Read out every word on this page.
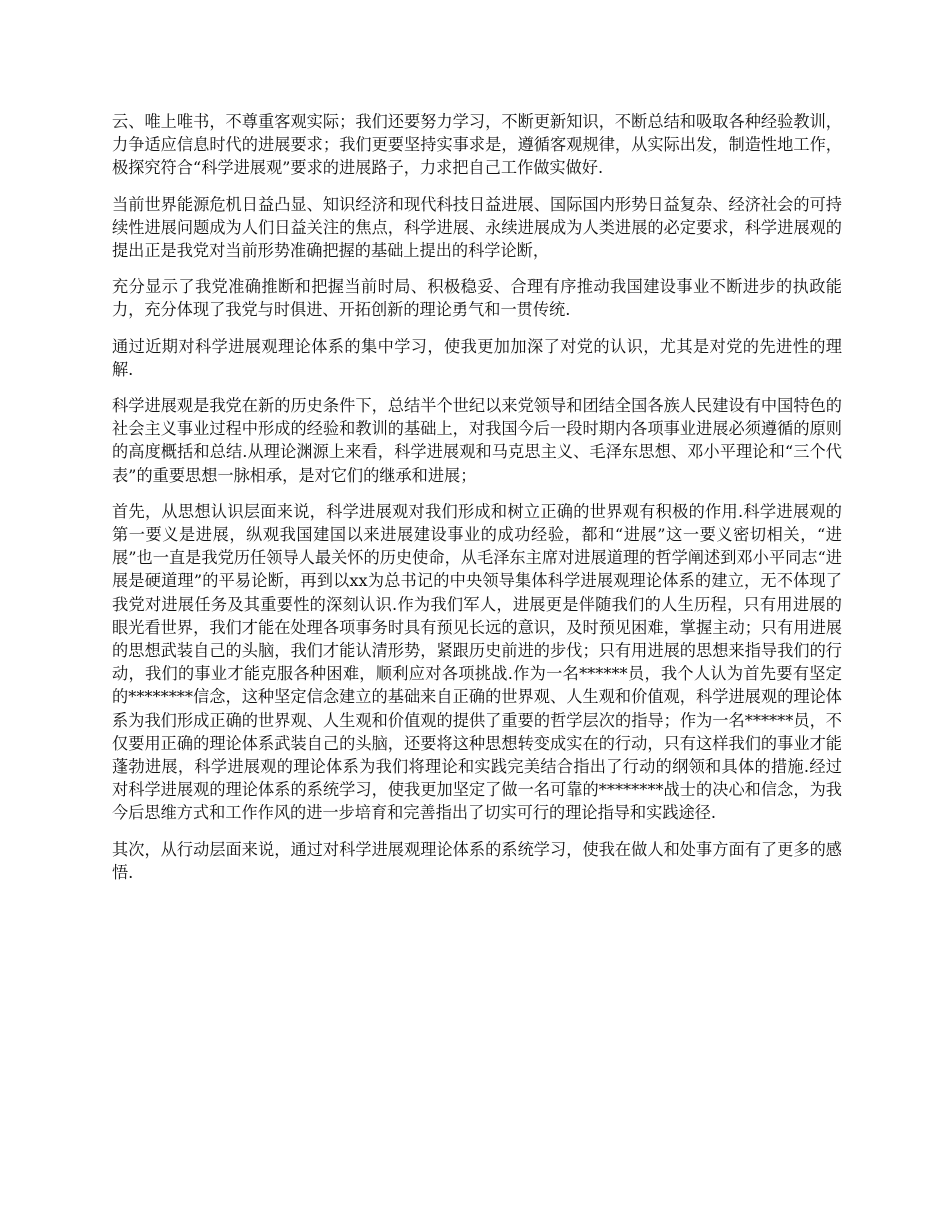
云、唯上唯书，不尊重客观实际；我们还要努力学习，不断更新知识，不断总结和吸取各种经验教训，力争适应信息时代的进展要求；我们更要坚持实事求是，遵循客观规律，从实际出发，制造性地工作，极探究符合“科学进展观”要求的进展路子，力求把自己工作做实做好.

当前世界能源危机日益凸显、知识经济和现代科技日益进展、国际国内形势日益复杂、经济社会的可持续性进展问题成为人们日益关注的焦点，科学进展、永续进展成为人类进展的必定要求，科学进展观的提出正是我党对当前形势准确把握的基础上提出的科学论断，

充分显示了我党准确推断和把握当前时局、积极稳妥、合理有序推动我国建设事业不断进步的执政能力，充分体现了我党与时俱进、开拓创新的理论勇气和一贯传统.

通过近期对科学进展观理论体系的集中学习，使我更加加深了对党的认识，尤其是对党的先进性的理解.

科学进展观是我党在新的历史条件下，总结半个世纪以来党领导和团结全国各族人民建设有中国特色的社会主义事业过程中形成的经验和教训的基础上，对我国今后一段时期内各项事业进展必须遵循的原则的高度概括和总结.从理论渊源上来看，科学进展观和马克思主义、毛泽东思想、邓小平理论和“三个代表”的重要思想一脉相承，是对它们的继承和进展；

首先，从思想认识层面来说，科学进展观对我们形成和树立正确的世界观有积极的作用.科学进展观的第一要义是进展，纵观我国建国以来进展建设事业的成功经验，都和“进展”这一要义密切相关，“进展”也一直是我党历任领导人最关怀的历史使命，从毛泽东主席对进展道理的哲学阐述到邓小平同志“进展是硬道理”的平易论断，再到以xx为总书记的中央领导集体科学进展观理论体系的建立，无不体现了我党对进展任务及其重要性的深刻认识.作为我们军人，进展更是伴随我们的人生历程，只有用进展的眼光看世界，我们才能在处理各项事务时具有预见长远的意识，及时预见困难，掌握主动；只有用进展的思想武装自己的头脑，我们才能认清形势，紧跟历史前进的步伐；只有用进展的思想来指导我们的行动，我们的事业才能克服各种困难，顺利应对各项挑战.作为一名******员，我个人认为首先要有坚定的********信念，这种坚定信念建立的基础来自正确的世界观、人生观和价值观，科学进展观的理论体系为我们形成正确的世界观、人生观和价值观的提供了重要的哲学层次的指导；作为一名******员，不仅要用正确的理论体系武装自己的头脑，还要将这种思想转变成实在的行动，只有这样我们的事业才能蓬勃进展，科学进展观的理论体系为我们将理论和实践完美结合指出了行动的纲领和具体的措施.经过对科学进展观的理论体系的系统学习，使我更加坚定了做一名可靠的********战士的决心和信念，为我今后思维方式和工作作风的进一步培育和完善指出了切实可行的理论指导和实践途径.

其次，从行动层面来说，通过对科学进展观理论体系的系统学习，使我在做人和处事方面有了更多的感悟.
